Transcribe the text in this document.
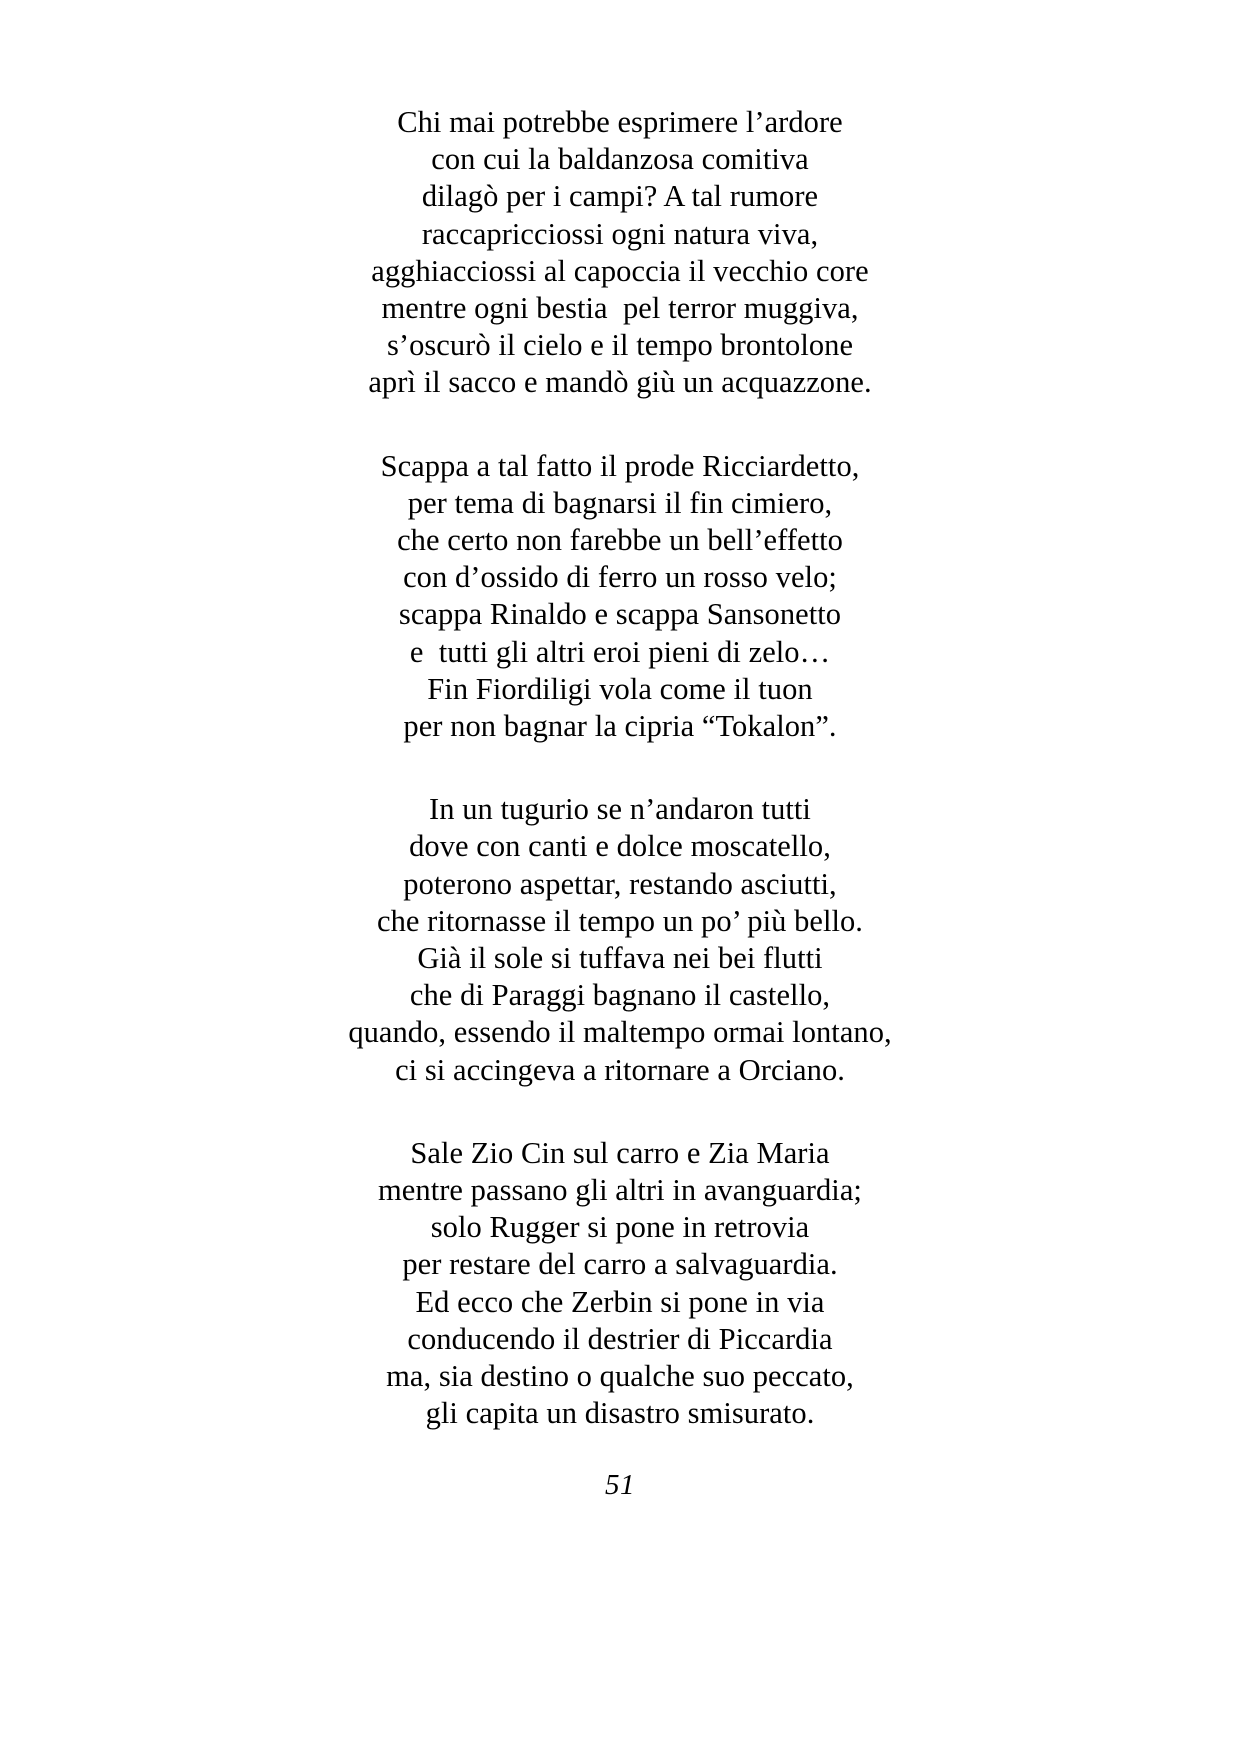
Chi mai potrebbe esprimere l’ardore
con cui la baldanzosa comitiva
dilagò per i campi? A tal rumore
raccapricciossi ogni natura viva,
agghiacciossi al capoccia il vecchio core
mentre ogni bestia  pel terror muggiva,
s’oscurò il cielo e il tempo brontolone
aprì il sacco e mandò giù un acquazzone.
Scappa a tal fatto il prode Ricciardetto,
per tema di bagnarsi il fin cimiero,
che certo non farebbe un bell’effetto
con d’ossido di ferro un rosso velo;
scappa Rinaldo e scappa Sansonetto
e  tutti gli altri eroi pieni di zelo…
Fin Fiordiligi vola come il tuon
per non bagnar la cipria “Tokalon”.
In un tugurio se n’andaron tutti
dove con canti e dolce moscatello,
poterono aspettar, restando asciutti,
che ritornasse il tempo un po’ più bello.
Già il sole si tuffava nei bei flutti
che di Paraggi bagnano il castello,
quando, essendo il maltempo ormai lontano,
ci si accingeva a ritornare a Orciano.
Sale Zio Cin sul carro e Zia Maria
mentre passano gli altri in avanguardia;
solo Rugger si pone in retrovia
per restare del carro a salvaguardia.
Ed ecco che Zerbin si pone in via
conducendo il destrier di Piccardia
ma, sia destino o qualche suo peccato,
gli capita un disastro smisurato.
51
